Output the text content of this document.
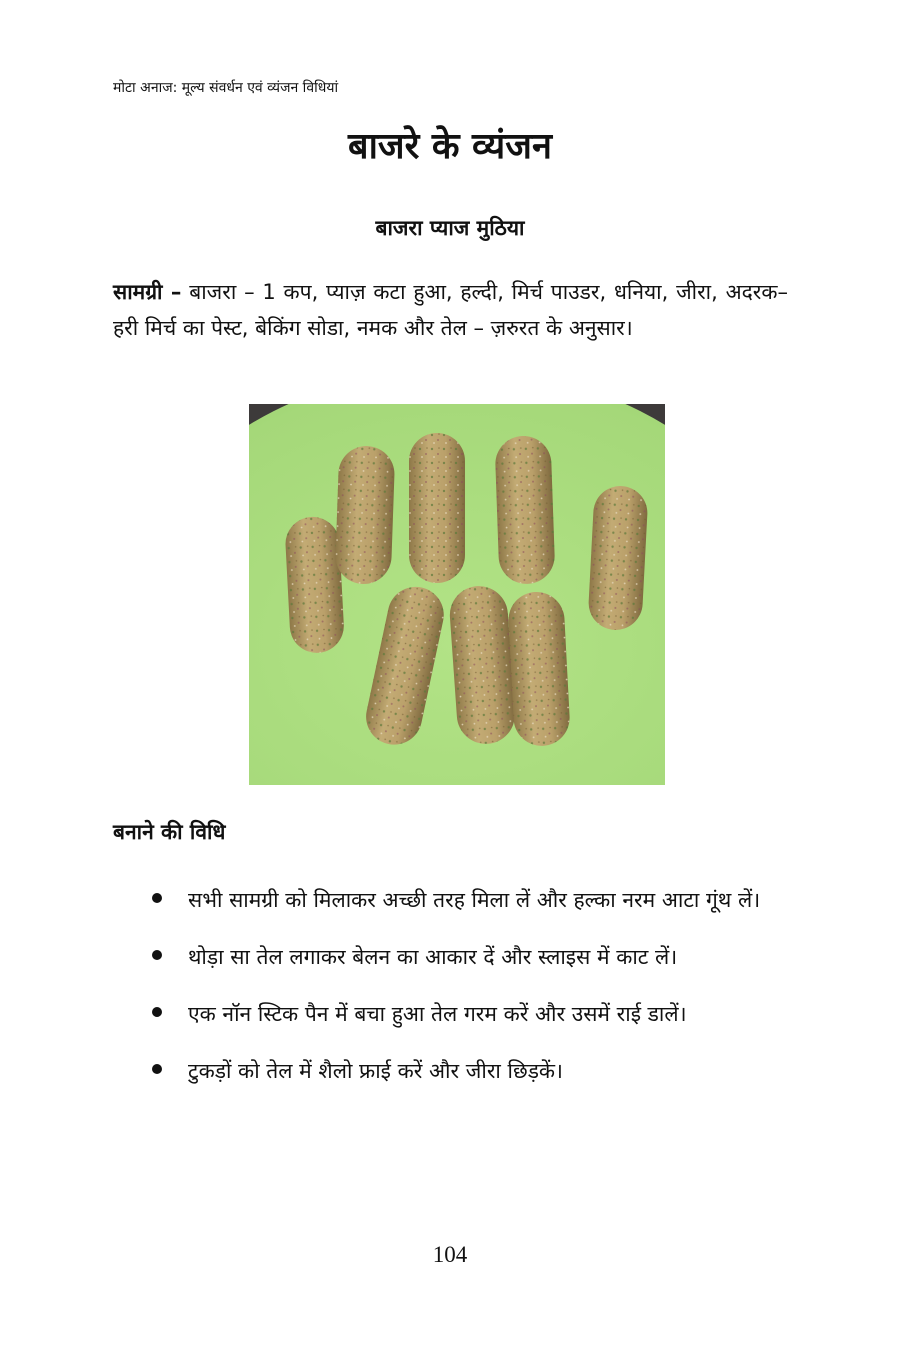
मोटा अनाज: मूल्य संवर्धन एवं व्यंजन विधियां
बाजरे के व्यंजन
बाजरा प्याज मुठिया

सामग्री – बाजरा – 1 कप, प्याज़ कटा हुआ, हल्दी, मिर्च पाउडर, धनिया, जीरा, अदरक–हरी मिर्च का पेस्ट, बेकिंग सोडा, नमक और तेल – ज़रुरत के अनुसार।

बनाने की विधि
सभी सामग्री को मिलाकर अच्छी तरह मिला लें और हल्का नरम आटा गूंथ लें।
थोड़ा सा तेल लगाकर बेलन का आकार दें और स्लाइस में काट लें।
एक नॉन स्टिक पैन में बचा हुआ तेल गरम करें और उसमें राई डालें।
टुकड़ों को तेल में शैलो फ्राई करें और जीरा छिड़कें।
104
